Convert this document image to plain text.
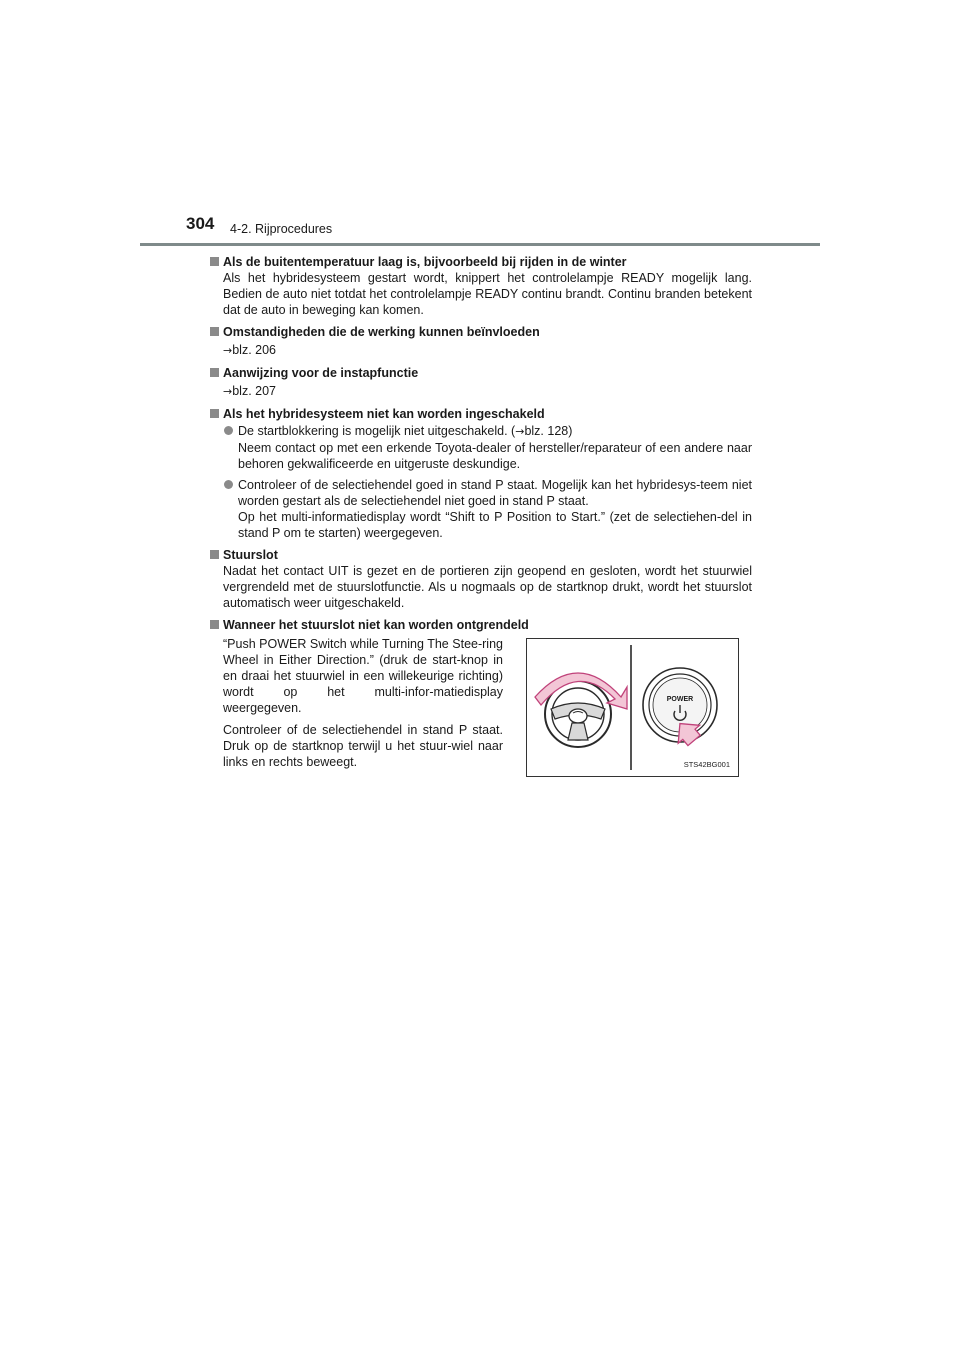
304 4-2. Rijprocedures
Als de buitentemperatuur laag is, bijvoorbeeld bij rijden in de winter
Als het hybridesysteem gestart wordt, knippert het controlelampje READY mogelijk lang. Bedien de auto niet totdat het controlelampje READY continu brandt. Continu branden betekent dat de auto in beweging kan komen.
Omstandigheden die de werking kunnen beïnvloeden
→blz. 206
Aanwijzing voor de instapfunctie
→blz. 207
Als het hybridesysteem niet kan worden ingeschakeld
De startblokkering is mogelijk niet uitgeschakeld. (→blz. 128)
Neem contact op met een erkende Toyota-dealer of hersteller/reparateur of een andere naar behoren gekwalificeerde en uitgeruste deskundige.
Controleer of de selectiehendel goed in stand P staat. Mogelijk kan het hybridesys-teem niet worden gestart als de selectiehendel niet goed in stand P staat.
Op het multi-informatiedisplay wordt “Shift to P Position to Start.” (zet de selectiehen-del in stand P om te starten) weergegeven.
Stuurslot
Nadat het contact UIT is gezet en de portieren zijn geopend en gesloten, wordt het stuurwiel vergrendeld met de stuurslotfunctie. Als u nogmaals op de startknop drukt, wordt het stuurslot automatisch weer uitgeschakeld.
Wanneer het stuurslot niet kan worden ontgrendeld

“Push POWER Switch while Turning The Stee-ring Wheel in Either Direction.” (druk de start-knop in en draai het stuurwiel in een willekeurige richting) wordt op het multi-infor-matiedisplay weergegeven.

Controleer of de selectiehendel in stand P staat. Druk op de startknop terwijl u het stuur-wiel naar links en rechts beweegt.

POWER
STS42BG001
